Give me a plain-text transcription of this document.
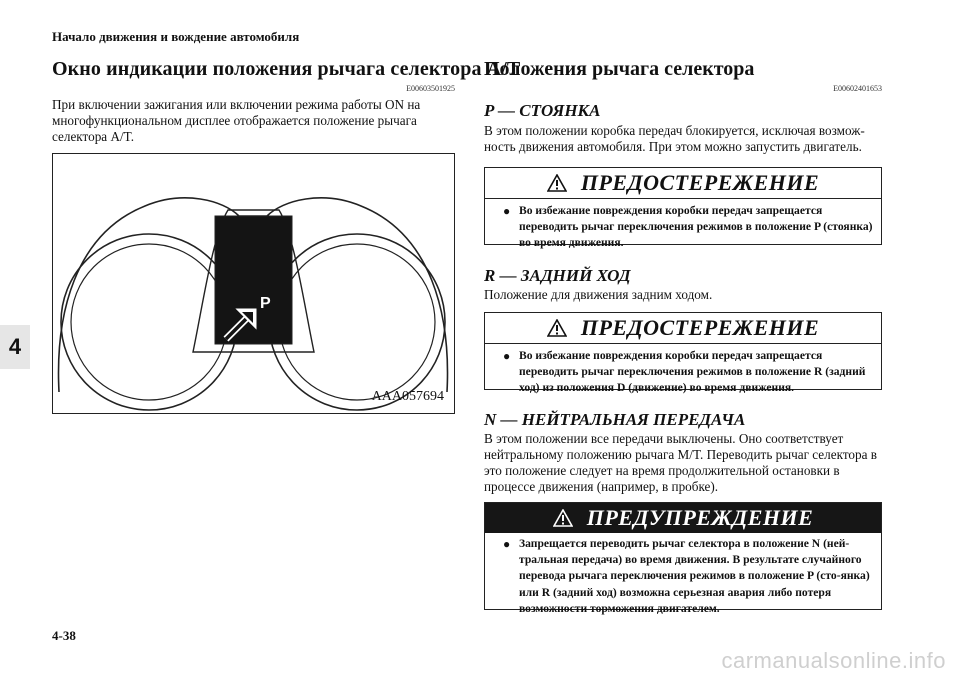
Начало движения и вождение автомобиля
4
Окно индикации положения рычага селектора A/T
E00603501925
При включении зажигания или включении режима работы ON на многофункциональном дисплее отображается положение рычага селектора A/T.
P
AAA057694
Положения рычага селектора
E00602401653
P — СТОЯНКА
В этом положении коробка передач блокируется, исключая возмож-ность движения автомобиля. При этом можно запустить двигатель.
ПРЕДОСТЕРЕЖЕНИЕ
● Во избежание повреждения коробки передач запрещается переводить рычаг переключения режимов в положение P (стоянка) во время движения.
R — ЗАДНИЙ ХОД
Положение для движения задним ходом.
ПРЕДОСТЕРЕЖЕНИЕ
● Во избежание повреждения коробки передач запрещается переводить рычаг переключения режимов в положение R (задний ход) из положения D (движение) во время движения.
N — НЕЙТРАЛЬНАЯ ПЕРЕДАЧА
В этом положении все передачи выключены. Оно соответствует нейтральному положению рычага M/T. Переводить рычаг селектора в это положение следует на время продолжительной остановки в процессе движения (например, в пробке).
ПРЕДУПРЕЖДЕНИЕ
● Запрещается переводить рычаг селектора в положение N (ней-тральная передача) во время движения. В результате случайного перевода рычага переключения режимов в положение P (сто-янка) или R (задний ход) возможна серьезная авария либо потеря возможности торможения двигателем.
4-38
carmanualsonline.info
